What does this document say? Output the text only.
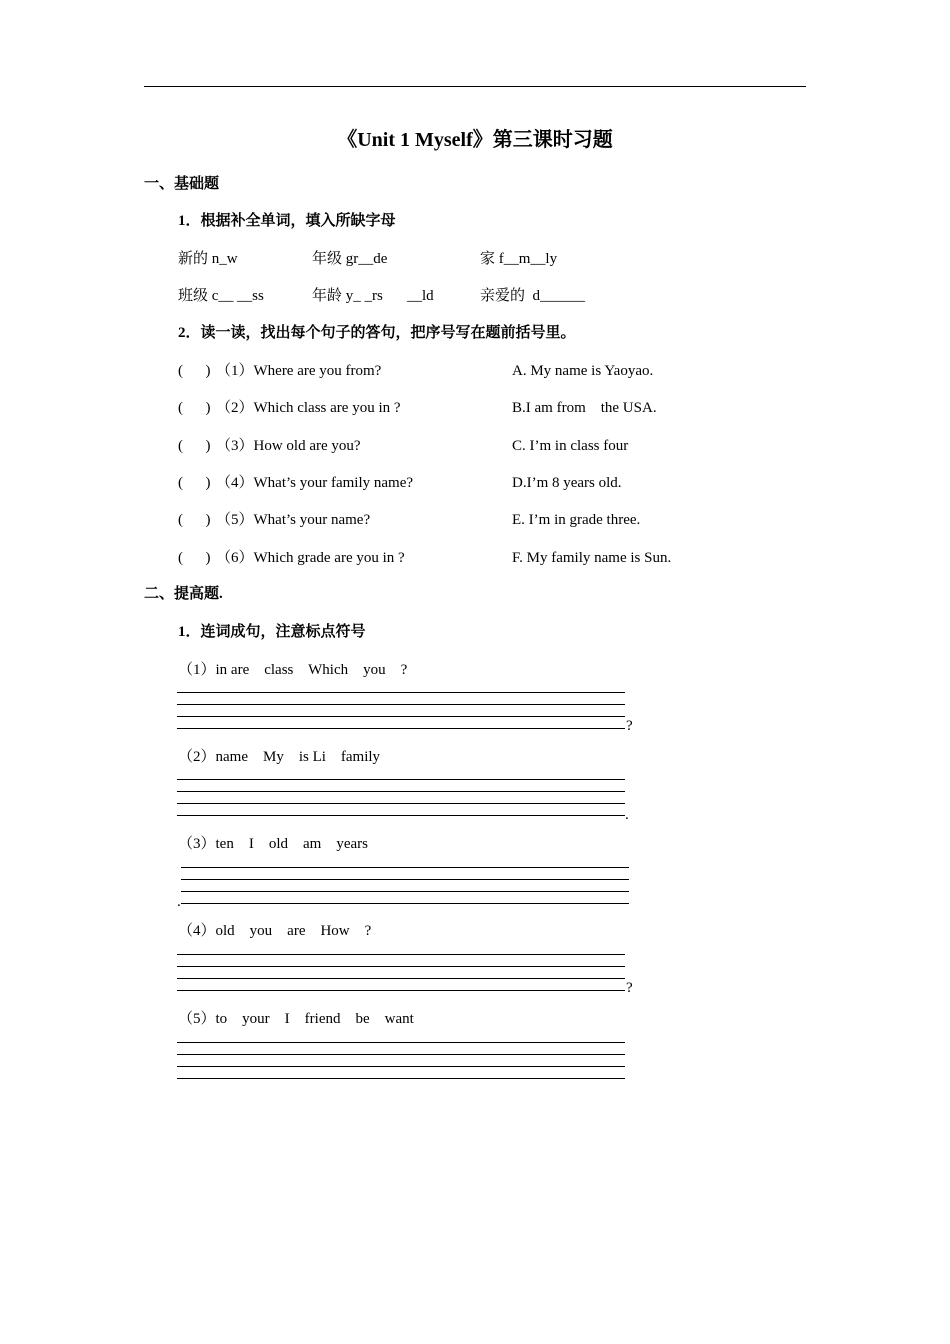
《Unit 1 Myself》第三课时习题
一、基础题
1．根据补全单词，填入所缺字母
新的 n_w	年级 gr__de	家 f__m__ly
班级 c__ __ss	年龄 y_ _rs __ld	亲爱的  d______
2．读一读，找出每个句子的答句，把序号写在题前括号里。
(      ) （1）Where are you from?	A. My name is Yaoyao.
(      ) （2）Which class are you in ?	B.I am from    the USA.
(      ) （3）How old are you?	C. I’m in class four
(      ) （4）What’s your family name?	D.I’m 8 years old.
(      ) （5）What’s your name?	E. I’m in grade three.
(      ) （6）Which grade are you in ?	F. My family name is Sun.
二、提高题.
1．连词成句，注意标点符号
（1）in are    class    Which    you    ?
?
（2）name    My    is Li    family
.
（3）ten    I    old    am    years
.
（4）old    you    are    How    ?
?
（5）to    your    I    friend    be    want
